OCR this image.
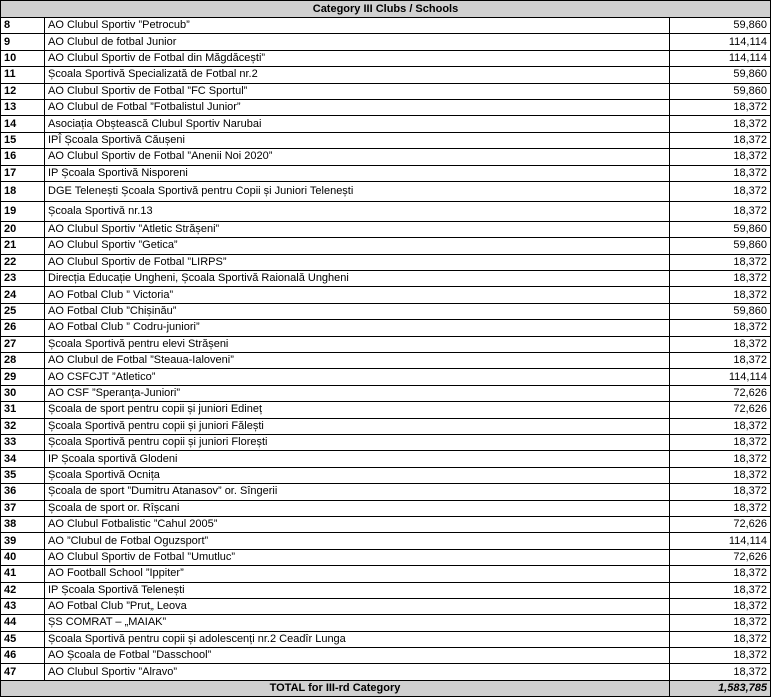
Category III Clubs / Schools		
8	AO Clubul Sportiv ”Petrocub”	59,860
9	AO Clubul de fotbal Junior	114,114
10	AO Clubul Sportiv de Fotbal din Măgdăcești”	114,114
11	Școala Sportivă Specializată de Fotbal nr.2	59,860
12	AO Clubul Sportiv de Fotbal ”FC Sportul”	59,860
13	AO Clubul de Fotbal ”Fotbalistul Junior”	18,372
14	Asociația Obștească Clubul Sportiv Narubai	18,372
15	IPÎ Școala Sportivă Căușeni	18,372
16	AO Clubul Sportiv de Fotbal ”Anenii Noi 2020”	18,372
17	IP Școala Sportivă Nisporeni	18,372
18	DGE Telenești Școala Sportivă pentru Copii și Juniori Telenești	18,372
19	Școala Sportivă nr.13	18,372
20	AO Clubul Sportiv ”Atletic Strășeni”	59,860
21	AO Clubul Sportiv ”Getica”	59,860
22	AO Clubul Sportiv de Fotbal ”LIRPS”	18,372
23	Direcția Educație Ungheni, Școala Sportivă Raională Ungheni	18,372
24	AO Fotbal Club ” Victoria”	18,372
25	AO Fotbal Club ”Chișinău”	59,860
26	AO Fotbal Club ” Codru-juniori”	18,372
27	Școala Sportivă pentru elevi Strășeni	18,372
28	AO Clubul de Fotbal ”Steaua-Ialoveni”	18,372
29	AO CSFCJT ”Atletico”	114,114
30	AO CSF ”Speranța-Juniori”	72,626
31	Școala de sport pentru copii și juniori Edineț	72,626
32	Școala Sportivă pentru copii și juniori Fălești	18,372
33	Școala Sportivă pentru copii și juniori Florești	18,372
34	IP Școala sportivă Glodeni	18,372
35	Școala Sportivă Ocnița	18,372
36	Școala de sport ”Dumitru Atanasov” or. Sîngerii	18,372
37	Școala de sport or. Rîșcani	18,372
38	AO Clubul Fotbalistic ”Cahul 2005”	72,626
39	AO ”Clubul de Fotbal Oguzsport”	114,114
40	AO Clubul Sportiv de Fotbal ”Umutluc”	72,626
41	AO Football School ”Ippiter”	18,372
42	IP Școala Sportivă Telenești	18,372
43	AO Fotbal Club ”Prut„ Leova	18,372
44	ȘS COMRAT – „MAIAK”	18,372
45	Școala Sportivă pentru copii și adolescenți nr.2 Ceadîr Lunga	18,372
46	AO Școala de Fotbal ”Dasschool”	18,372
47	AO Clubul Sportiv ”Alravo”	18,372
TOTAL for III-rd Category		1,583,785
